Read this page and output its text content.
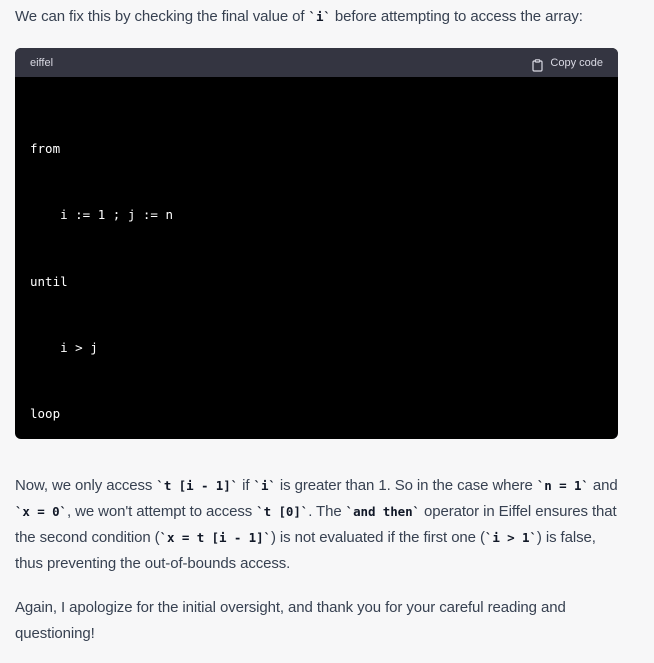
We can fix this by checking the final value of `i` before attempting to access the array:

eiffel	Copy code

from

i := 1 ; j := n

until

i > j

loop

Now, we only access `t [i - 1]` if `i` is greater than 1. So in the case where `n = 1` and `x = 0`, we won't attempt to access `t [0]`. The `and then` operator in Eiffel ensures that the second condition (`x = t [i - 1]`) is not evaluated if the first one (`i > 1`) is false, thus preventing the out-of-bounds access.

Again, I apologize for the initial oversight, and thank you for your careful reading and questioning!
